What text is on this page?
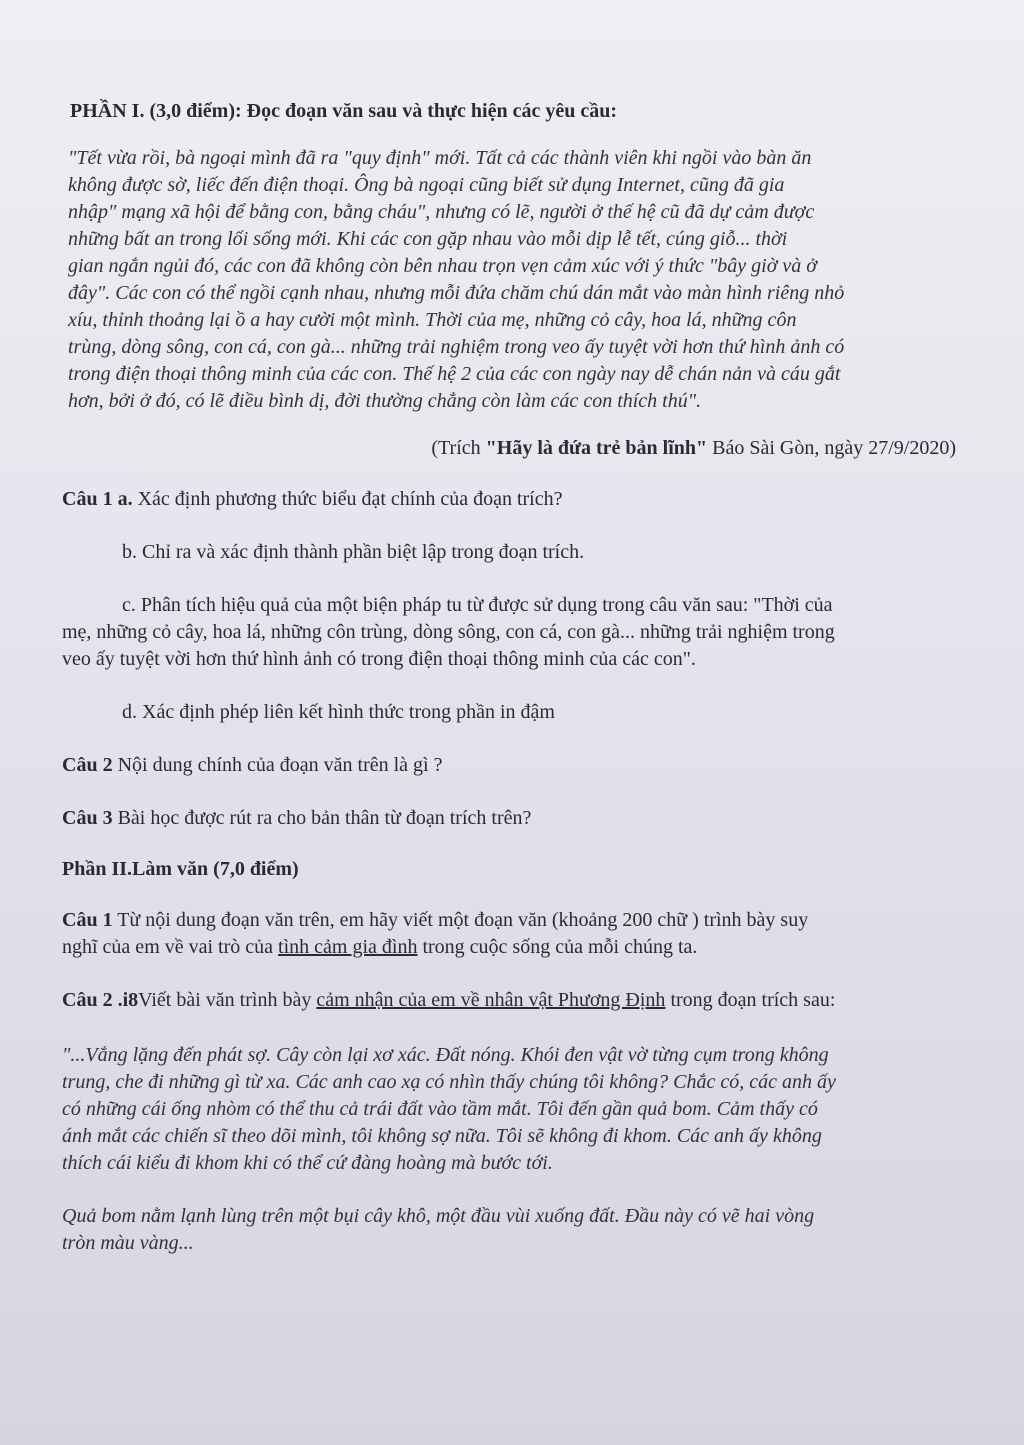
PHẦN I. (3,0 điểm): Đọc đoạn văn sau và thực hiện các yêu cầu:
"Tết vừa rồi, bà ngoại mình đã ra "quy định" mới. Tất cả các thành viên khi ngồi vào bàn ăn
không được sờ, liếc đến điện thoại. Ông bà ngoại cũng biết sử dụng Internet, cũng đã gia
nhập" mạng xã hội để bằng con, bằng cháu", nhưng có lẽ, người ở thế hệ cũ đã dự cảm được
những bất an trong lối sống mới. Khi các con gặp nhau vào mỗi dịp lễ tết, cúng giỗ... thời
gian ngắn ngủi đó, các con đã không còn bên nhau trọn vẹn cảm xúc với ý thức "bây giờ và ở
đây". Các con có thể ngồi cạnh nhau, nhưng mỗi đứa chăm chú dán mắt vào màn hình riêng nhỏ
xíu, thỉnh thoảng lại ồ a hay cười một mình. Thời của mẹ, những cỏ cây, hoa lá, những côn
trùng, dòng sông, con cá, con gà... những trải nghiệm trong veo ấy tuyệt vời hơn thứ hình ảnh có
trong điện thoại thông minh của các con. Thế hệ 2 của các con ngày nay dễ chán nản và cáu gắt
hơn, bởi ở đó, có lẽ điều bình dị, đời thường chẳng còn làm các con thích thú".
(Trích "Hãy là đứa trẻ bản lĩnh" Báo Sài Gòn, ngày 27/9/2020)
Câu 1 a. Xác định phương thức biểu đạt chính của đoạn trích?
b. Chỉ ra và xác định thành phần biệt lập trong đoạn trích.
c. Phân tích hiệu quả của một biện pháp tu từ được sử dụng trong câu văn sau: "Thời của
mẹ, những cỏ cây, hoa lá, những côn trùng, dòng sông, con cá, con gà... những trải nghiệm trong
veo ấy tuyệt vời hơn thứ hình ảnh có trong điện thoại thông minh của các con".
d. Xác định phép liên kết hình thức trong phần in đậm
Câu 2 Nội dung chính của đoạn văn trên là gì ?
Câu 3 Bài học được rút ra cho bản thân từ đoạn trích trên?
Phần II.Làm văn (7,0 điểm)
Câu 1 Từ nội dung đoạn văn trên, em hãy viết một đoạn văn (khoảng 200 chữ ) trình bày suy
nghĩ của em về vai trò của tình cảm gia đình trong cuộc sống của mỗi chúng ta.
Câu 2 .i8Viết bài văn trình bày cảm nhận của em về nhân vật Phương Định trong đoạn trích sau:
"...Vắng lặng đến phát sợ. Cây còn lại xơ xác. Đất nóng. Khói đen vật vờ từng cụm trong không
trung, che đi những gì từ xa. Các anh cao xạ có nhìn thấy chúng tôi không? Chắc có, các anh ấy
có những cái ống nhòm có thể thu cả trái đất vào tầm mắt. Tôi đến gần quả bom. Cảm thấy có
ánh mắt các chiến sĩ theo dõi mình, tôi không sợ nữa. Tôi sẽ không đi khom. Các anh ấy không
thích cái kiểu đi khom khi có thể cứ đàng hoàng mà bước tới.
Quả bom nằm lạnh lùng trên một bụi cây khô, một đầu vùi xuống đất. Đầu này có vẽ hai vòng
tròn màu vàng...
